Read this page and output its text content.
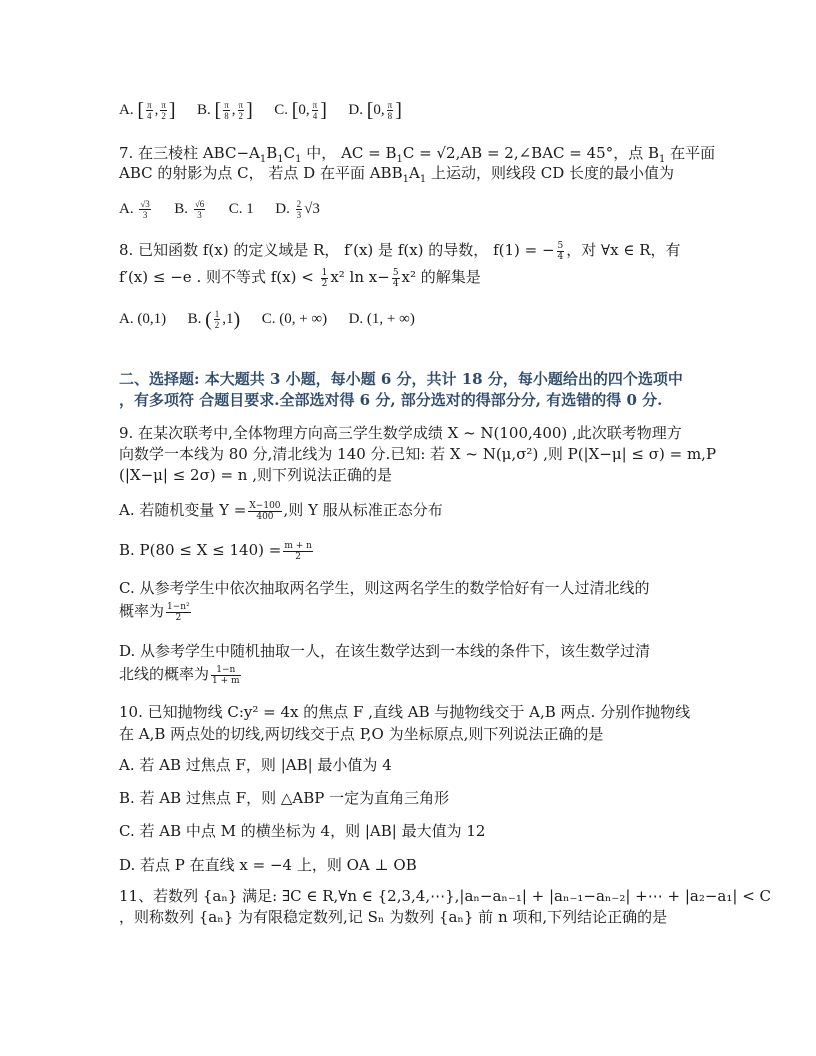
A. [ $\frac{\pi}{4}$ , $\frac{\pi}{2}$ ] B. [ $\frac{\pi}{8}$ , $\frac{\pi}{2}$ ] C. [0, $\frac{\pi}{4}$ ] D. [0, $\frac{\pi}{8}$ ]
7. 在三棱柱 $ABC-A_1B_1C_1$ 中， AC = $B_1C = √2,AB$ = 2,∠BAC = 45°，点 $B_1$ 在平面
ABC 的射影为点 C， 若点 D 在平面 $ABB_1A_1$ 上运动，则线段 CD 长度的最小值为
A. $\frac{√3}{3} B$. $\frac{√6}{3} C$. 1 D. $\frac{2}{3} √3$
8. 已知函数 f(x) 的定义域是 R， f′(x) 是 f(x) 的导数， f(1) = − $\frac{5}{4}$ ，对 ∀x ∈ R，有
f′(x) ≤ −e . 则不等式 $f(x) < \frac{1}{2} x^2$ $\ln x- \frac{5}{4} x^2$ 的解集是
A. (0,1) B. ( $\frac{1}{2} ,1$) C. (0, + ∞) D. (1, + ∞)
二、选择题: 本大题共 3 小题，每小题 6 分，共计 18 分，每小题给出的四个选项中
，有多项符 合题目要求.全部选对得 6 分, 部分选对的得部分分, 有选错的得 0 分.
9. 在某次联考中,全体物理方向高三学生数学成绩 X ~ N(100,400) ,此次联考物理方
向数学一本线为 80 分,清北线为 140 分.已知: 若 X ~ N(μ,σ²) ,则 P(|X−μ| ≤ σ) = m,P
(|X−μ| ≤ 2σ) = n ,则下列说法正确的是
A. 若随机变量 $Y = \frac{X-100}{400}$ ,则 Y 服从标准正态分布
B. $P(80 \le X \le 140) = \frac{m + n}{2}$
C. 从参考学生中依次抽取两名学生，则这两名学生的数学恰好有一人过清北线的
概率为 $\frac{\text{1−n²}}{2}$
D. 从参考学生中随机抽取一人，在该生数学达到一本线的条件下，该生数学过清
北线的概率为 $\frac{1-n}{1 + m}$
10. 已知抛物线 C:y² = 4x 的焦点 F ,直线 AB 与抛物线交于 A,B 两点. 分别作抛物线
在 A,B 两点处的切线,两切线交于点 P,O 为坐标原点,则下列说法正确的是
A. 若 AB 过焦点 F，则 |AB| 最小值为 4
B. 若 AB 过焦点 F，则 △ABP 一定为直角三角形
C. 若 AB 中点 M 的横坐标为 4，则 |AB| 最大值为 12
D. 若点 P 在直线 x = −4 上，则 OA ⊥ OB
11、若数列 {aₙ} 满足: ∃C ∈ R,∀n ∈ {2,3,4,⋯},|aₙ−aₙ₋₁| + |aₙ₋₁−aₙ₋₂| +⋯ + |a₂−a₁| < C
，则称数列 {aₙ} 为有限稳定数列,记 Sₙ 为数列 {aₙ} 前 n 项和,下列结论正确的是
